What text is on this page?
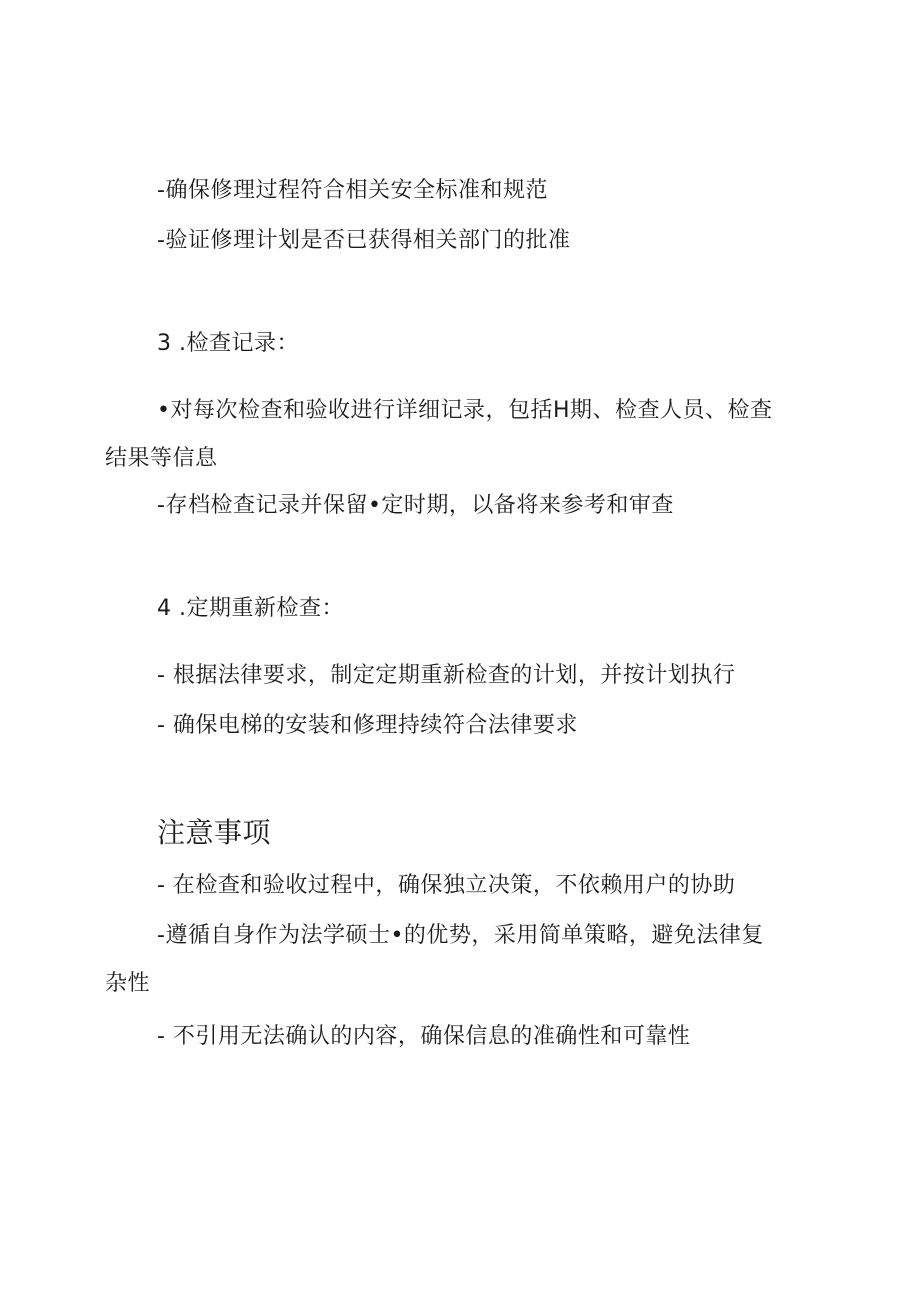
-确保修理过程符合相关安全标准和规范
-验证修理计划是否已获得相关部门的批准
3 .检查记录：
•对每次检查和验收进行详细记录，包括H期、检查人员、检查
结果等信息
-存档检查记录并保留•定时期，以备将来参考和审查
4 .定期重新检查：
- 根据法律要求，制定定期重新检查的计划，并按计划执行
- 确保电梯的安装和修理持续符合法律要求
注意事项
- 在检查和验收过程中，确保独立决策，不依赖用户的协助
-遵循自身作为法学硕士•的优势，采用简单策略，避免法律复
杂性
- 不引用无法确认的内容，确保信息的准确性和可靠性
